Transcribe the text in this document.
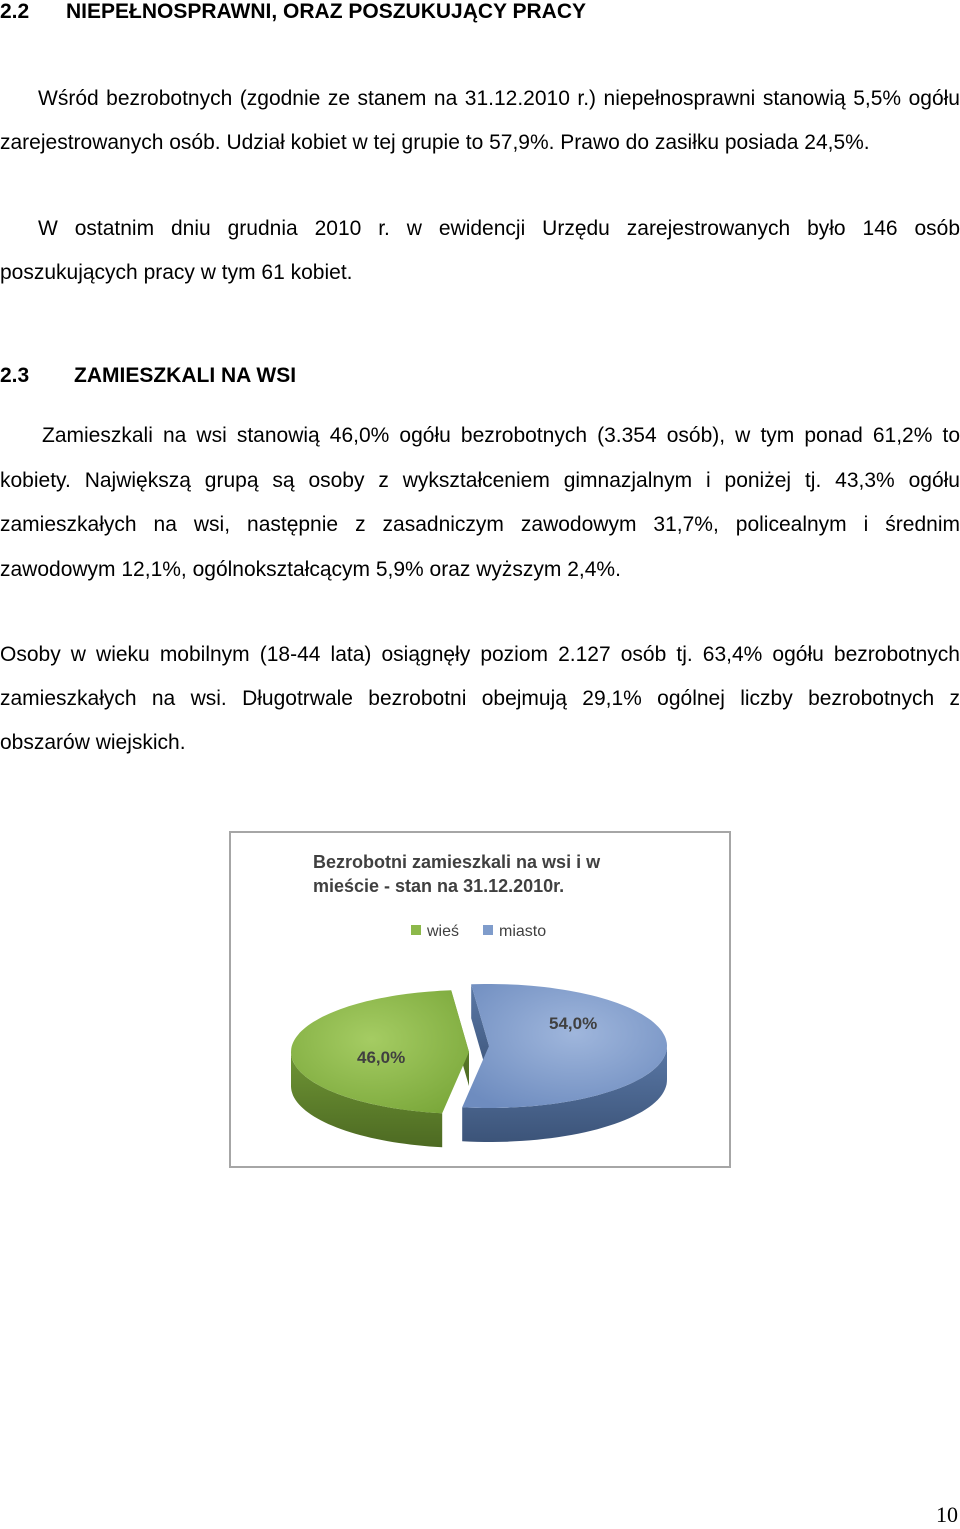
2.2 NIEPEŁNOSPRAWNI, ORAZ POSZUKUJĄCY PRACY
Wśród bezrobotnych (zgodnie ze stanem na 31.12.2010 r.) niepełnosprawni stanowią 5,5% ogółu zarejestrowanych osób. Udział kobiet w tej grupie to 57,9%. Prawo do zasiłku posiada 24,5%.
W ostatnim dniu grudnia 2010 r. w ewidencji Urzędu zarejestrowanych było 146 osób poszukujących pracy w tym 61 kobiet.
2.3 ZAMIESZKALI NA WSI
Zamieszkali na wsi stanowią 46,0% ogółu bezrobotnych (3.354 osób), w tym ponad 61,2% to kobiety. Największą grupą są osoby z wykształceniem gimnazjalnym i poniżej tj. 43,3% ogółu zamieszkałych na wsi, następnie z zasadniczym zawodowym 31,7%, policealnym i średnim zawodowym 12,1%, ogólnokształcącym 5,9% oraz wyższym 2,4%.
Osoby w wieku mobilnym (18-44 lata) osiągnęły poziom 2.127 osób tj. 63,4% ogółu bezrobotnych zamieszkałych na wsi. Długotrwale bezrobotni obejmują 29,1% ogólnej liczby bezrobotnych z obszarów wiejskich.
Bezrobotni zamieszkali na wsi i w
mieście - stan na 31.12.2010r.
wieś miasto
46,0%
54,0%
10
